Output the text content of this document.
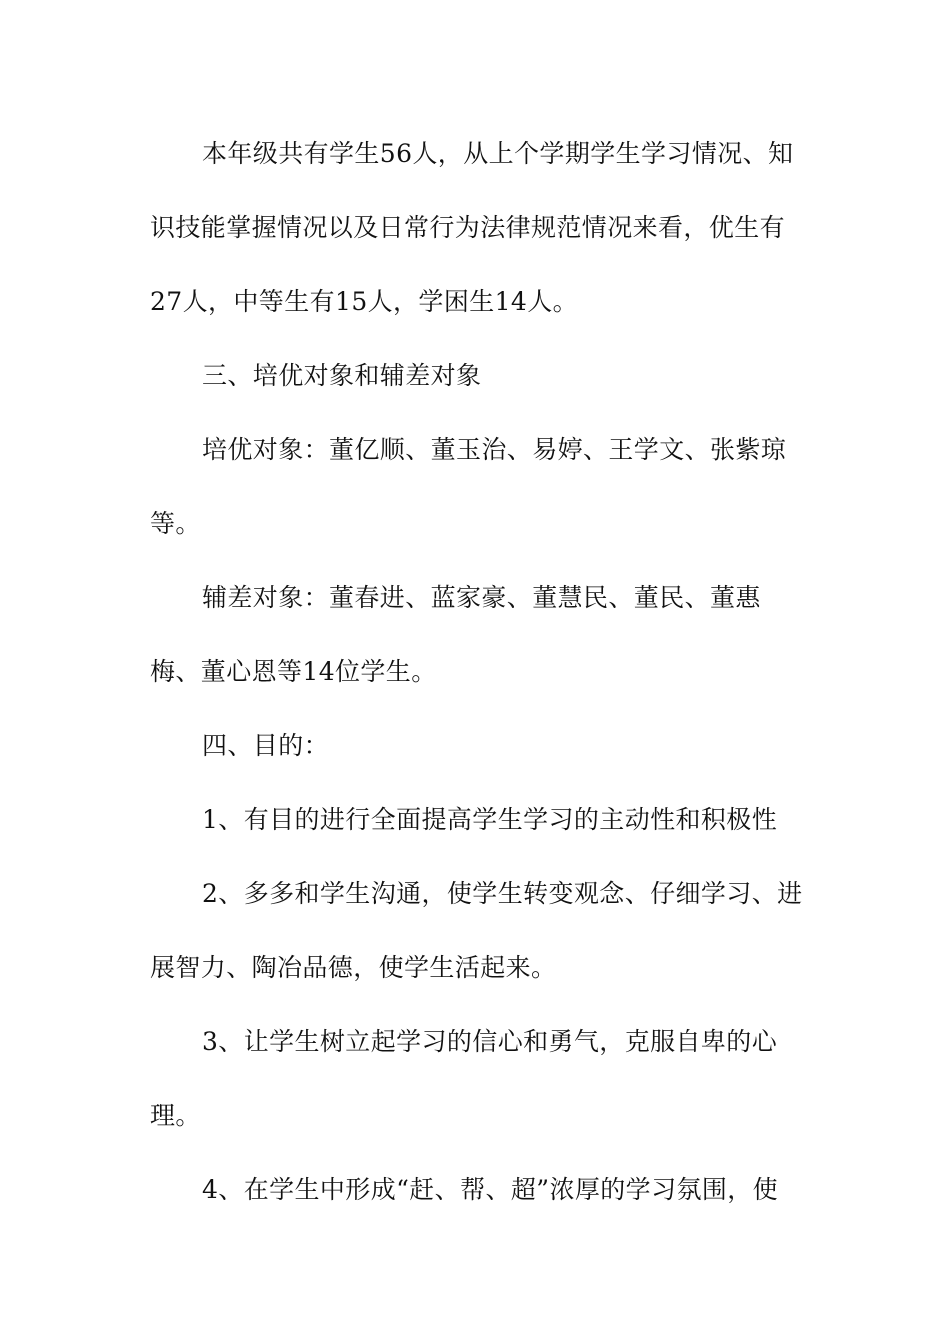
本年级共有学生56人，从上个学期学生学习情况、知

识技能掌握情况以及日常行为法律规范情况来看，优生有

27人，中等生有15人，学困生14人。

三、培优对象和辅差对象

培优对象：董亿顺、董玉治、易婷、王学文、张紫琼

等。

辅差对象：董春进、蓝家豪、董慧民、董民、董惠

梅、董心恩等14位学生。

四、目的：

1、有目的进行全面提高学生学习的主动性和积极性

2、多多和学生沟通，使学生转变观念、仔细学习、进

展智力、陶冶品德，使学生活起来。

3、让学生树立起学习的信心和勇气，克服自卑的心

理。

4、在学生中形成“赶、帮、超”浓厚的学习氛围，使
